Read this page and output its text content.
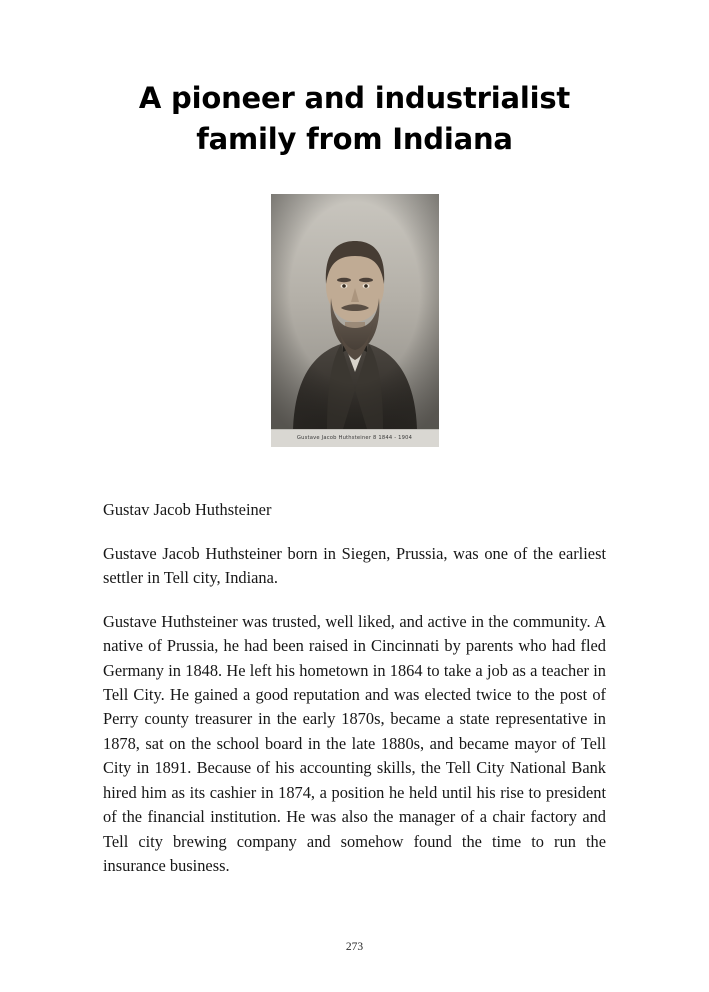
A pioneer and industrialist family from Indiana
Gustave Jacob Huthsteiner 8 1844 - 1904

Gustav Jacob Huthsteiner

Gustave Jacob Huthsteiner born in Siegen, Prussia, was one of the earliest settler in Tell city, Indiana.

Gustave Huthsteiner was trusted, well liked, and active in the community. A native of Prussia, he had been raised in Cincinnati by parents who had fled Germany in 1848. He left his hometown in 1864 to take a job as a teacher in Tell City. He gained a good reputation and was elected twice to the post of Perry county treasurer in the early 1870s, became a state representative in 1878, sat on the school board in the late 1880s, and became mayor of Tell City in 1891. Because of his accounting skills, the Tell City National Bank hired him as its cashier in 1874, a position he held until his rise to president of the financial institution. He was also the manager of a chair factory and Tell city brewing company and somehow found the time to run the insurance business.

273
